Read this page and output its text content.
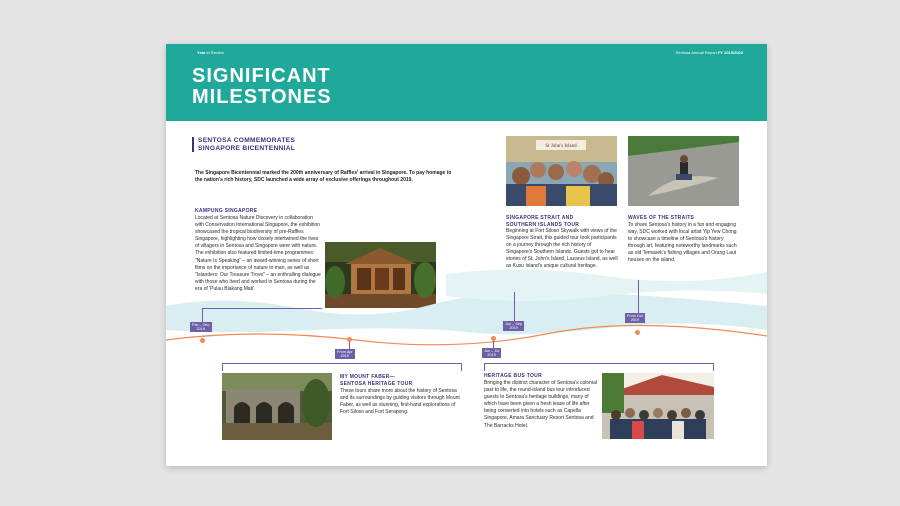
Year in Review	Sentosa Annual Report FY 2019/2020
SIGNIFICANT
MILESTONES
SENTOSA COMMEMORATES
SINGAPORE BICENTENNIAL
The Singapore Bicentennial marked the 200th anniversary of Raffles' arrival in Singapore. To pay homage to the nation's rich history, SDC launched a wide array of exclusive offerings throughout 2019.
KAMPUNG SINGAPORE
Located at Sentosa Nature Discovery in collaboration with Conservation International Singapore, the exhibition showcased the tropical biodiversity of pre-Raffles Singapore, highlighting how closely intertwined the lives of villagers in Sentosa and Singapore were with nature. The exhibition also featured limited-time programmes: "Nature Is Speaking" – an award-winning series of short films on the importance of nature to man, as well as "Islanders: Our Treasure Trove" – an enthralling dialogue with those who lived and worked in Sentosa during the era of 'Pulau Blakang Mati'.
MY MOUNT FABER—
SENTOSA HERITAGE TOUR
These tours share more about the history of Sentosa and its surroundings by guiding visitors through Mount Faber, as well as stunning, first-hand explorations of Fort Siloso and Fort Serapong.
St John's Island
SINGAPORE STRAIT AND
SOUTHERN ISLANDS TOUR
Beginning at Fort Siloso Skywalk with views of the Singapore Strait, this guided tour took participants on a journey through the rich history of Singapore's Southern Islands. Guests got to hear stories of St. John's Island, Lazarus Island, as well as Kusu Island's unique cultural heritage.
WAVES OF THE STRAITS
To share Sentosa's history in a fun and engaging way, SDC worked with local artist Yip Yew Chong to showcase a timeline of Sentosa's history through art, featuring noteworthy landmarks such as old Temasek's fishing villages and Orang Laut houses on the island.
HERITAGE BUS TOUR
Bringing the distinct character of Sentosa's colonial past to life, the round-island bus tour introduced guests to Sentosa's heritage buildings, many of which have been given a fresh lease of life after being converted into hotels such as Capella Singapore, Amara Sanctuary Resort Sentosa and The Barracks Hotel.
Feb – Dec
2019
From Apr
2019
Jun – Sep
2019
Jun – Jul
2019
From Oct
2019
